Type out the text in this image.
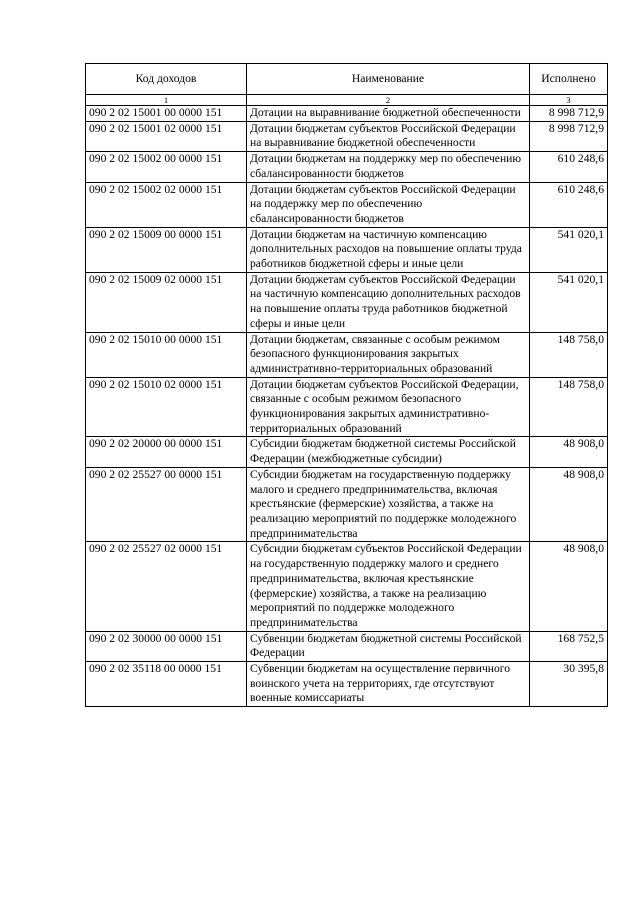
Код доходов	Наименование	Исполнено
1	2	3
090 2 02 15001 00 0000 151	Дотации на выравнивание бюджетной обеспеченности	8 998 712,9
090 2 02 15001 02 0000 151	Дотации бюджетам субъектов Российской Федерации на выравнивание бюджетной обеспеченности	8 998 712,9
090 2 02 15002 00 0000 151	Дотации бюджетам на поддержку мер по обеспечению сбалансированности бюджетов	610 248,6
090 2 02 15002 02 0000 151	Дотации бюджетам субъектов Российской Федерации на поддержку мер по обеспечению сбалансированности бюджетов	610 248,6
090 2 02 15009 00 0000 151	Дотации бюджетам на частичную компенсацию дополнительных расходов на повышение оплаты труда работников бюджетной сферы и иные цели	541 020,1
090 2 02 15009 02 0000 151	Дотации бюджетам субъектов Российской Федерации на частичную компенсацию дополнительных расходов на повышение оплаты труда работников бюджетной сферы и иные цели	541 020,1
090 2 02 15010 00 0000 151	Дотации бюджетам, связанные с особым режимом безопасного функционирования закрытых административно-территориальных образований	148 758,0
090 2 02 15010 02 0000 151	Дотации бюджетам субъектов Российской Федерации, связанные с особым режимом безопасного функционирования закрытых административно-территориальных образований	148 758,0
090 2 02 20000 00 0000 151	Субсидии бюджетам бюджетной системы Российской Федерации (межбюджетные субсидии)	48 908,0
090 2 02 25527 00 0000 151	Субсидии бюджетам на государственную поддержку малого и среднего предпринимательства, включая крестьянские (фермерские) хозяйства, а также на реализацию мероприятий по поддержке молодежного предпринимательства	48 908,0
090 2 02 25527 02 0000 151	Субсидии бюджетам субъектов Российской Федерации на государственную поддержку малого и среднего предпринимательства, включая крестьянские (фермерские) хозяйства, а также на реализацию мероприятий по поддержке молодежного предпринимательства	48 908,0
090 2 02 30000 00 0000 151	Субвенции бюджетам бюджетной системы Российской Федерации	168 752,5
090 2 02 35118 00 0000 151	Субвенции бюджетам на осуществление первичного воинского учета на территориях, где отсутствуют военные комиссариаты	30 395,8
